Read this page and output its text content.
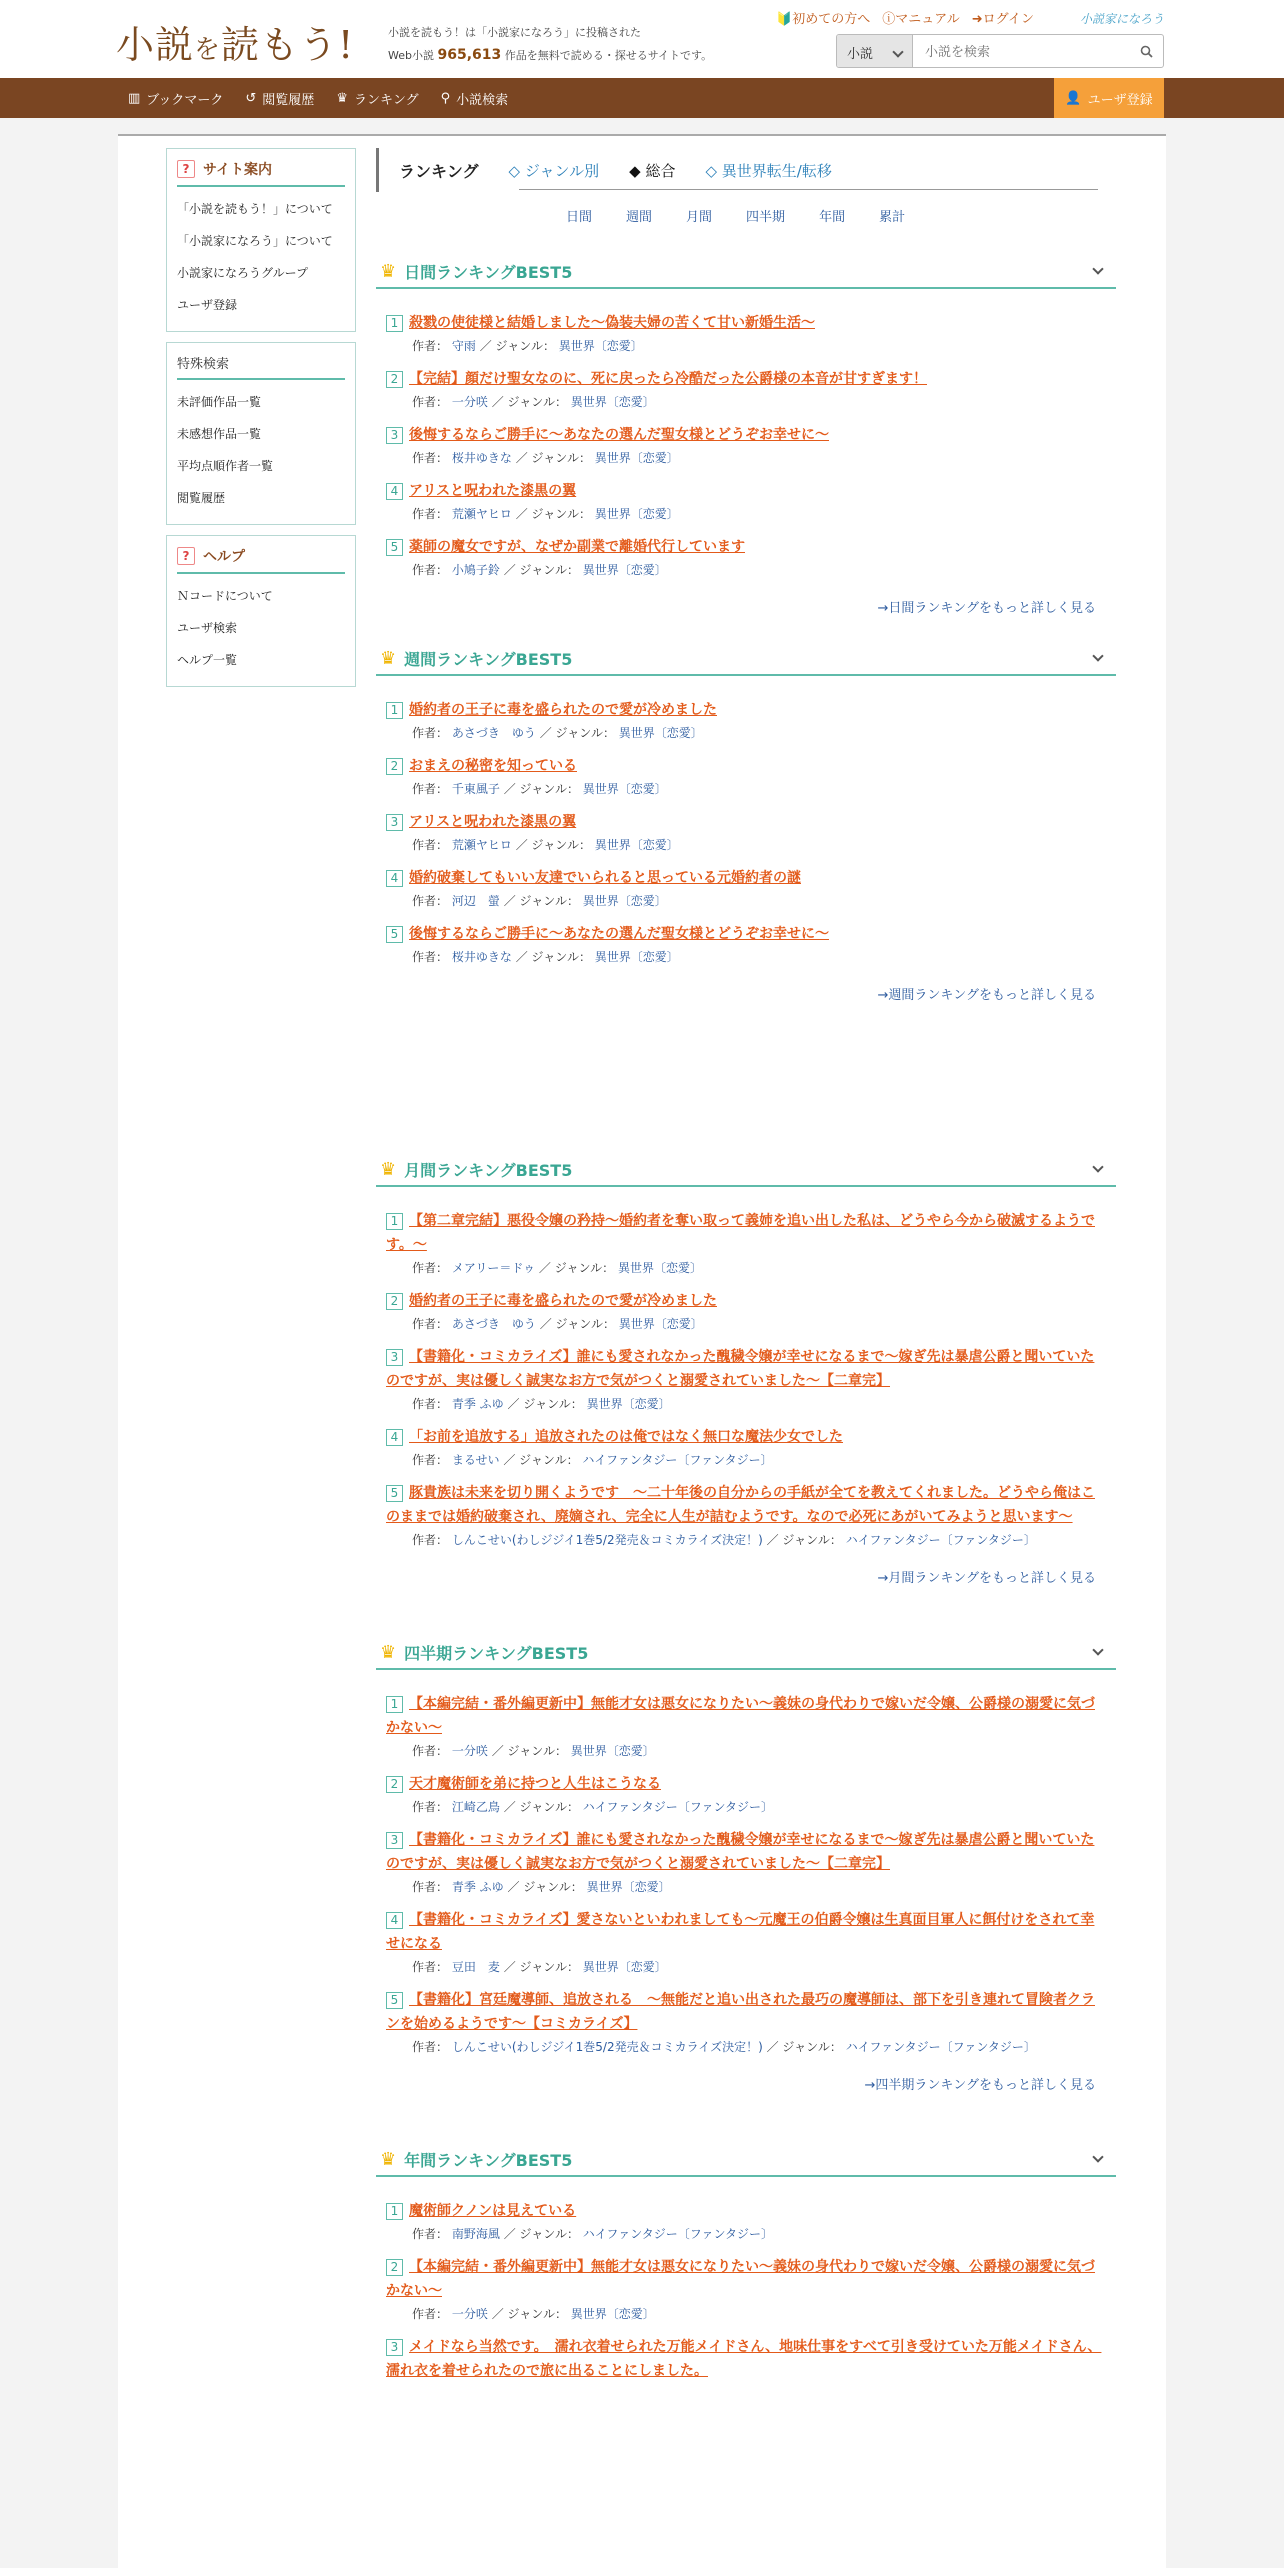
小説を読もう!	小説を読もう！は「小説家になろう」に投稿された
Web小説 965,613 作品を無料で読める・探せるサイトです。
🔰初めての方へ ⓘマニュアル ➜ログイン	小説家になろう
小説
小説を検索
▥ ブックマーク ↺ 閲覧履歴 ♛ ランキング ⚲ 小説検索	👤 ユーザ登録
? サイト案内
「小説を読もう！」について
「小説家になろう」について
小説家になろうグループ
ユーザ登録
特殊検索
未評価作品一覧
未感想作品一覧
平均点順作者一覧
閲覧履歴
? ヘルプ
Ｎコードについて
ユーザ検索
ヘルプ一覧
ランキング ◇ ジャンル別 ◆ 総合 ◇ 異世界転生/転移
日間	週間	月間	四半期	年間	累計
♛ 日間ランキングBEST5
1 殺戮の使徒様と結婚しました～偽装夫婦の苦くて甘い新婚生活～
作者： 守雨 ／ ジャンル： 異世界〔恋愛〕
2 【完結】顔だけ聖女なのに、死に戻ったら冷酷だった公爵様の本音が甘すぎます！
作者： 一分咲 ／ ジャンル： 異世界〔恋愛〕
3 後悔するならご勝手に～あなたの選んだ聖女様とどうぞお幸せに～
作者： 桜井ゆきな ／ ジャンル： 異世界〔恋愛〕
4 アリスと呪われた漆黒の翼
作者： 荒瀬ヤヒロ ／ ジャンル： 異世界〔恋愛〕
5 薬師の魔女ですが、なぜか副業で離婚代行しています
作者： 小鳩子鈴 ／ ジャンル： 異世界〔恋愛〕
→日間ランキングをもっと詳しく見る
♛ 週間ランキングBEST5
1 婚約者の王子に毒を盛られたので愛が冷めました
作者： あさづき　ゆう ／ ジャンル： 異世界〔恋愛〕
2 おまえの秘密を知っている
作者： 千東風子 ／ ジャンル： 異世界〔恋愛〕
3 アリスと呪われた漆黒の翼
作者： 荒瀬ヤヒロ ／ ジャンル： 異世界〔恋愛〕
4 婚約破棄してもいい友達でいられると思っている元婚約者の謎
作者： 河辺　螢 ／ ジャンル： 異世界〔恋愛〕
5 後悔するならご勝手に～あなたの選んだ聖女様とどうぞお幸せに～
作者： 桜井ゆきな ／ ジャンル： 異世界〔恋愛〕
→週間ランキングをもっと詳しく見る
♛ 月間ランキングBEST5
1 【第二章完結】悪役令嬢の矜持〜婚約者を奪い取って義姉を追い出した私は、どうやら今から破滅するようです。〜
作者： メアリー＝ドゥ ／ ジャンル： 異世界〔恋愛〕
2 婚約者の王子に毒を盛られたので愛が冷めました
作者： あさづき　ゆう ／ ジャンル： 異世界〔恋愛〕
3 【書籍化・コミカライズ】誰にも愛されなかった醜穢令嬢が幸せになるまで〜嫁ぎ先は暴虐公爵と聞いていたのですが、実は優しく誠実なお方で気がつくと溺愛されていました〜【二章完】
作者： 青季 ふゆ ／ ジャンル： 異世界〔恋愛〕
4 「お前を追放する」追放されたのは俺ではなく無口な魔法少女でした
作者： まるせい ／ ジャンル： ハイファンタジー〔ファンタジー〕
5 豚貴族は未来を切り開くようです　～二十年後の自分からの手紙が全てを教えてくれました。どうやら俺はこのままでは婚約破棄され、廃嫡され、完全に人生が詰むようです。なので必死にあがいてみようと思います～
作者： しんこせい(わしジジイ1巻5/2発売＆コミカライズ決定！) ／ ジャンル： ハイファンタジー〔ファンタジー〕
→月間ランキングをもっと詳しく見る
♛ 四半期ランキングBEST5
1 【本編完結・番外編更新中】無能才女は悪女になりたい～義妹の身代わりで嫁いだ令嬢、公爵様の溺愛に気づかない～
作者： 一分咲 ／ ジャンル： 異世界〔恋愛〕
2 天才魔術師を弟に持つと人生はこうなる
作者： 江崎乙鳥 ／ ジャンル： ハイファンタジー〔ファンタジー〕
3 【書籍化・コミカライズ】誰にも愛されなかった醜穢令嬢が幸せになるまで〜嫁ぎ先は暴虐公爵と聞いていたのですが、実は優しく誠実なお方で気がつくと溺愛されていました〜【二章完】
作者： 青季 ふゆ ／ ジャンル： 異世界〔恋愛〕
4 【書籍化・コミカライズ】愛さないといわれましても～元魔王の伯爵令嬢は生真面目軍人に餌付けをされて幸せになる
作者： 豆田　麦 ／ ジャンル： 異世界〔恋愛〕
5 【書籍化】宮廷魔導師、追放される　～無能だと追い出された最巧の魔導師は、部下を引き連れて冒険者クランを始めるようです～【コミカライズ】
作者： しんこせい(わしジジイ1巻5/2発売＆コミカライズ決定！) ／ ジャンル： ハイファンタジー〔ファンタジー〕
→四半期ランキングをもっと詳しく見る
♛ 年間ランキングBEST5
1 魔術師クノンは見えている
作者： 南野海風 ／ ジャンル： ハイファンタジー〔ファンタジー〕
2 【本編完結・番外編更新中】無能才女は悪女になりたい～義妹の身代わりで嫁いだ令嬢、公爵様の溺愛に気づかない～
作者： 一分咲 ／ ジャンル： 異世界〔恋愛〕
3 メイドなら当然です。　濡れ衣着せられた万能メイドさん、地味仕事をすべて引き受けていた万能メイドさん、濡れ衣を着せられたので旅に出ることにしました。
